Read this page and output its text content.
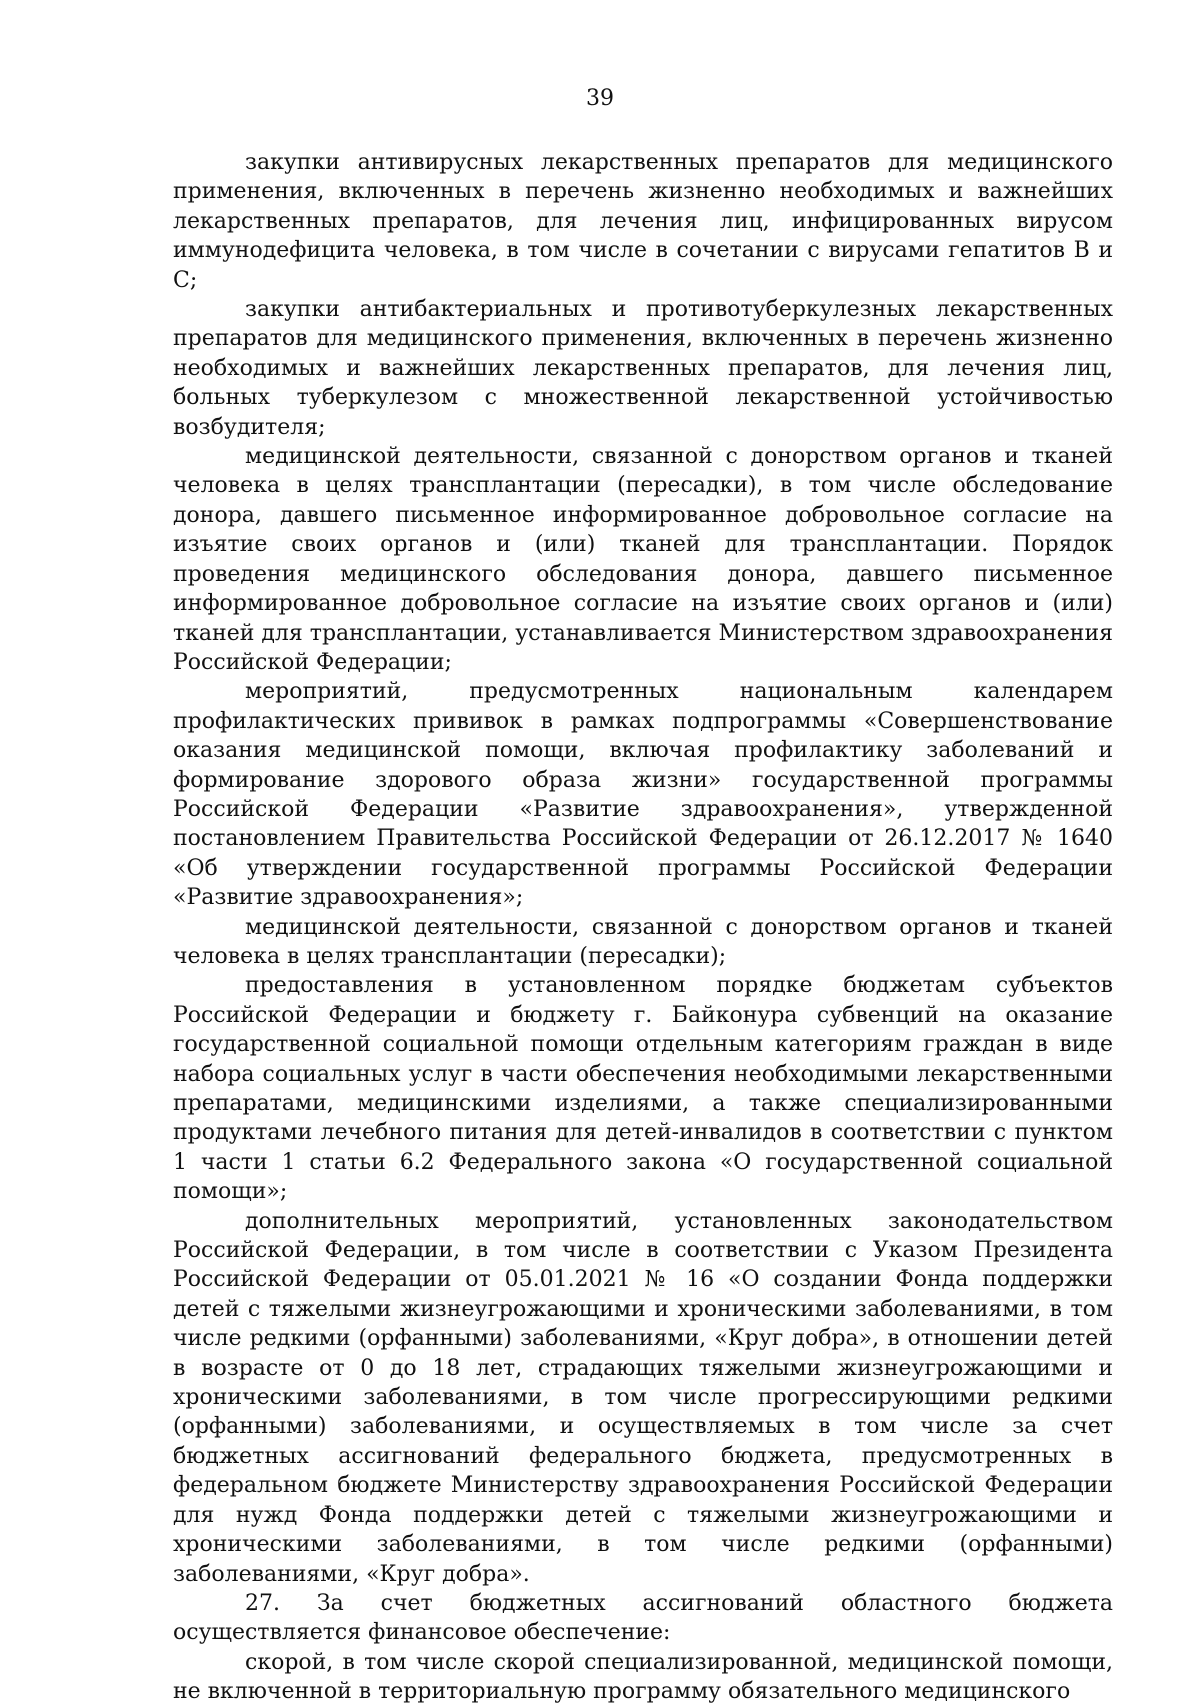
39

закупки антивирусных лекарственных препаратов для медицинского применения, включенных в перечень жизненно необходимых и важнейших лекарственных препаратов, для лечения лиц, инфицированных вирусом иммунодефицита человека, в том числе в сочетании с вирусами гепатитов B и C;

закупки антибактериальных и противотуберкулезных лекарственных препаратов для медицинского применения, включенных в перечень жизненно необходимых и важнейших лекарственных препаратов, для лечения лиц, больных туберкулезом с множественной лекарственной устойчивостью возбудителя;

медицинской деятельности, связанной с донорством органов и тканей человека в целях трансплантации (пересадки), в том числе обследование донора, давшего письменное информированное добровольное согласие на изъятие своих органов и (или) тканей для трансплантации. Порядок проведения медицинского обследования донора, давшего письменное информированное добровольное согласие на изъятие своих органов и (или) тканей для трансплантации, устанавливается Министерством здравоохранения Российской Федерации;

мероприятий, предусмотренных национальным календарем профилактических прививок в рамках подпрограммы «Совершенствование оказания медицинской помощи, включая профилактику заболеваний и формирование здорового образа жизни» государственной программы Российской Федерации «Развитие здравоохранения», утвержденной постановлением Правительства Российской Федерации от 26.12.2017 № 1640 «Об утверждении государственной программы Российской Федерации «Развитие здравоохранения»;

медицинской деятельности, связанной с донорством органов и тканей человека в целях трансплантации (пересадки);

предоставления в установленном порядке бюджетам субъектов Российской Федерации и бюджету г. Байконура субвенций на оказание государственной социальной помощи отдельным категориям граждан в виде набора социальных услуг в части обеспечения необходимыми лекарственными препаратами, медицинскими изделиями, а также специализированными продуктами лечебного питания для детей-инвалидов в соответствии с пунктом 1 части 1 статьи 6.2 Федерального закона «О государственной социальной помощи»;

дополнительных мероприятий, установленных законодательством Российской Федерации, в том числе в соответствии с Указом Президента Российской Федерации от 05.01.2021 № 16 «О создании Фонда поддержки детей с тяжелыми жизнеугрожающими и хроническими заболеваниями, в том числе редкими (орфанными) заболеваниями, «Круг добра», в отношении детей в возрасте от 0 до 18 лет, страдающих тяжелыми жизнеугрожающими и хроническими заболеваниями, в том числе прогрессирующими редкими (орфанными) заболеваниями, и осуществляемых в том числе за счет бюджетных ассигнований федерального бюджета, предусмотренных в федеральном бюджете Министерству здравоохранения Российской Федерации для нужд Фонда поддержки детей с тяжелыми жизнеугрожающими и хроническими заболеваниями, в том числе редкими (орфанными) заболеваниями, «Круг добра».

27. За счет бюджетных ассигнований областного бюджета осуществляется финансовое обеспечение:

скорой, в том числе скорой специализированной, медицинской помощи, не включенной в территориальную программу обязательного медицинского
